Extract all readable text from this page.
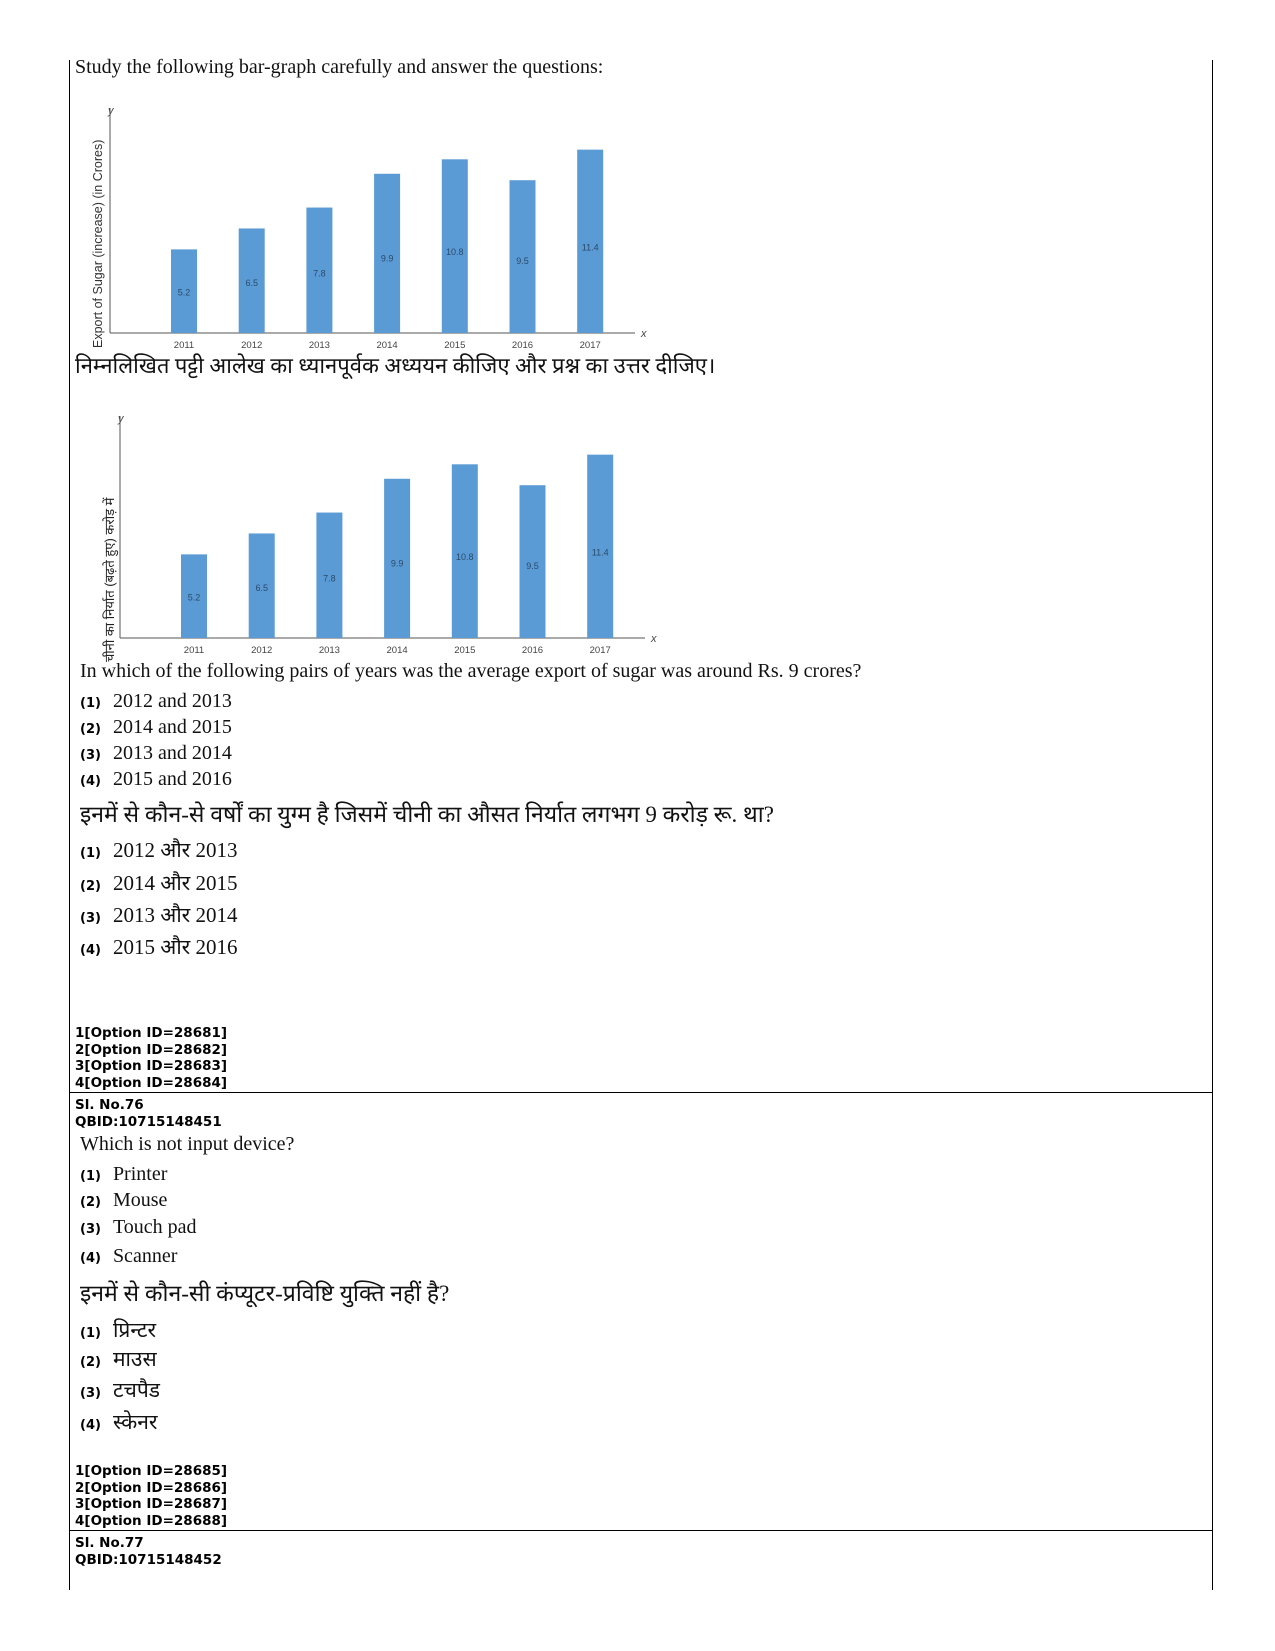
Study the following bar-graph carefully and answer the questions:
Export of Sugar (increase) (in Crores)
y
x
5.2
2011
6.5
2012
7.8
2013
9.9
2014
10.8
2015
9.5
2016
11.4
2017
निम्नलिखित पट्टी आलेख का ध्यानपूर्वक अध्ययन कीजिए और प्रश्न का उत्तर दीजिए।
चीनी का निर्यात (बढ़ते हुए) करोड़ में
y
x
5.2
2011
6.5
2012
7.8
2013
9.9
2014
10.8
2015
9.5
2016
11.4
2017
In which of the following pairs of years was the average export of sugar was around Rs. 9 crores?
(1) 2012 and 2013
(2) 2014 and 2015
(3) 2013 and 2014
(4) 2015 and 2016
इनमें से कौन-से वर्षों का युग्म है जिसमें चीनी का औसत निर्यात लगभग 9 करोड़ रू. था?
(1) 2012 और 2013
(2) 2014 और 2015
(3) 2013 और 2014
(4) 2015 और 2016
1[Option ID=28681]
2[Option ID=28682]
3[Option ID=28683]
4[Option ID=28684]
Sl. No.76
QBID:10715148451
Which is not input device?
(1) Printer
(2) Mouse
(3) Touch pad
(4) Scanner
इनमें से कौन-सी कंप्यूटर-प्रविष्टि युक्ति नहीं है?
(1) प्रिन्टर
(2) माउस
(3) टचपैड
(4) स्केनर
1[Option ID=28685]
2[Option ID=28686]
3[Option ID=28687]
4[Option ID=28688]
Sl. No.77
QBID:10715148452
